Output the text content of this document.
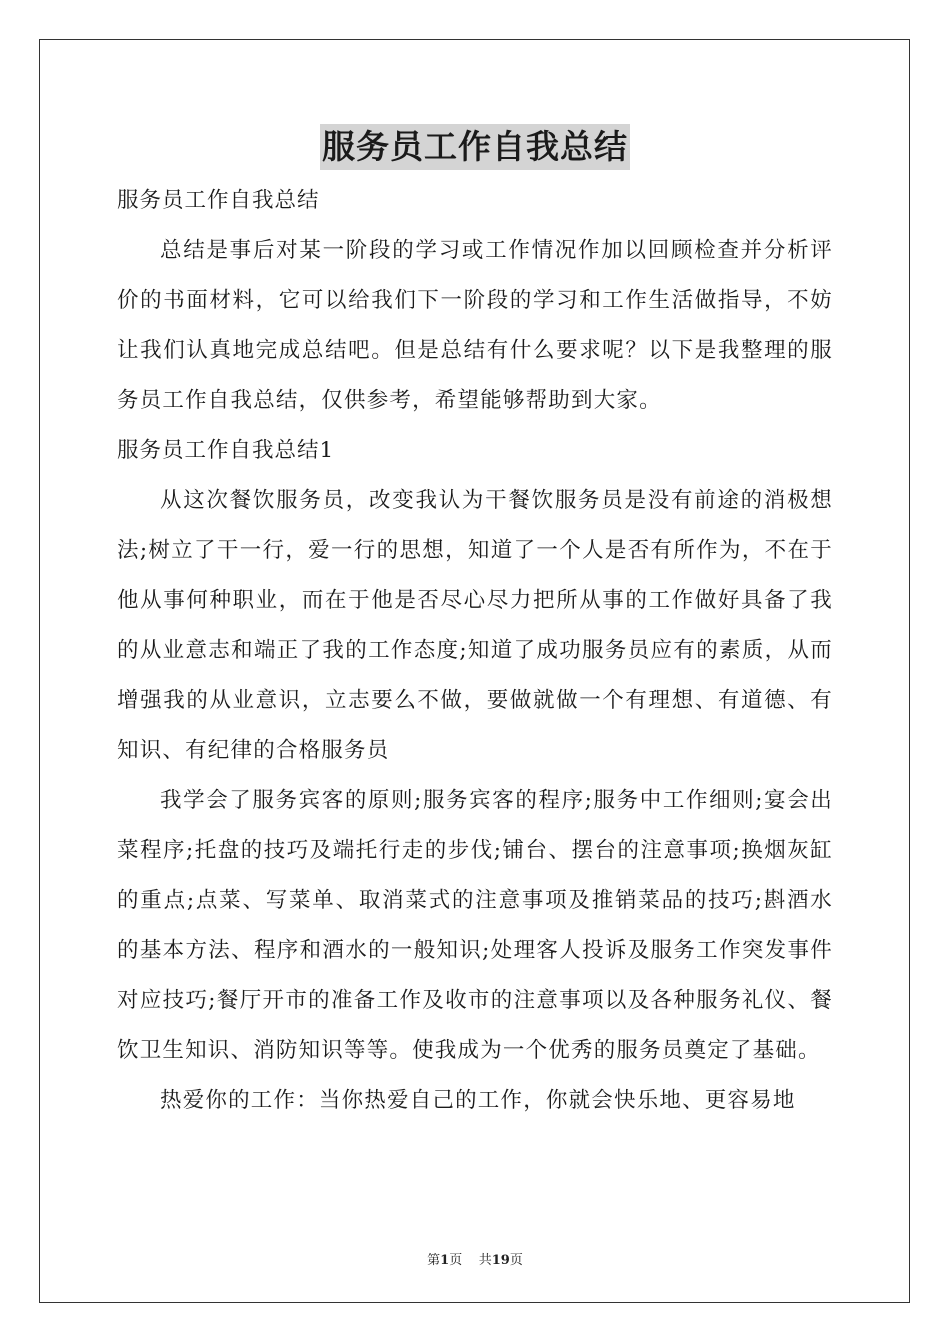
服务员工作自我总结
服务员工作自我总结

总结是事后对某一阶段的学习或工作情况作加以回顾检查并分析评价的书面材料，它可以给我们下一阶段的学习和工作生活做指导，不妨让我们认真地完成总结吧。但是总结有什么要求呢？以下是我整理的服务员工作自我总结，仅供参考，希望能够帮助到大家。

服务员工作自我总结1

从这次餐饮服务员，改变我认为干餐饮服务员是没有前途的消极想法;树立了干一行，爱一行的思想，知道了一个人是否有所作为，不在于他从事何种职业，而在于他是否尽心尽力把所从事的工作做好具备了我的从业意志和端正了我的工作态度;知道了成功服务员应有的素质，从而增强我的从业意识，立志要么不做，要做就做一个有理想、有道德、有知识、有纪律的合格服务员

我学会了服务宾客的原则;服务宾客的程序;服务中工作细则;宴会出菜程序;托盘的技巧及端托行走的步伐;铺台、摆台的注意事项;换烟灰缸的重点;点菜、写菜单、取消菜式的注意事项及推销菜品的技巧;斟酒水的基本方法、程序和酒水的一般知识;处理客人投诉及服务工作突发事件对应技巧;餐厅开市的准备工作及收市的注意事项以及各种服务礼仪、餐饮卫生知识、消防知识等等。使我成为一个优秀的服务员奠定了基础。

热爱你的工作：当你热爱自己的工作，你就会快乐地、更容易地

第1页 共19页
